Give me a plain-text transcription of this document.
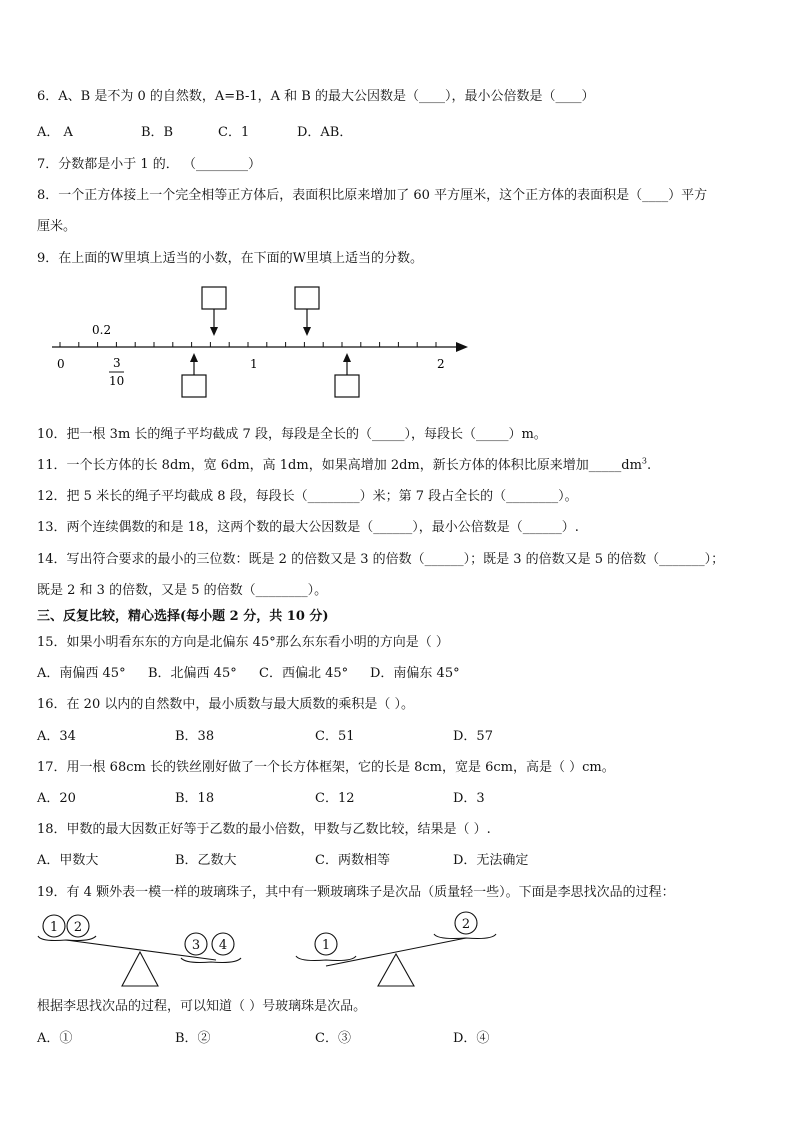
6．A、B 是不为 0 的自然数，A=B-1，A 和 B 的最大公因数是（____），最小公倍数是（____）
A． A	B．B	C．1	D．AB．
7．分数都是小于 1 的． （________）
8．一个正方体接上一个完全相等正方体后，表面积比原来增加了 60 平方厘米，这个正方体的表面积是（____）平方
厘米。
9．在上面的W里填上适当的小数，在下面的W里填上适当的分数。
0.2
0	1	2
3
10
10．把一根 3m 长的绳子平均截成 7 段，每段是全长的（_____），每段长（_____）m。
11．一个长方体的长 8dm，宽 6dm，高 1dm，如果高增加 2dm，新长方体的体积比原来增加$\_\_\_\_\_dm^3$.
12．把 5 米长的绳子平均截成 8 段，每段长（________）米；第 7 段占全长的（________）。
13．两个连续偶数的和是 18，这两个数的最大公因数是（______），最小公倍数是（______）.
14．写出符合要求的最小的三位数：既是 2 的倍数又是 3 的倍数（______）；既是 3 的倍数又是 5 的倍数（_______）；
既是 2 和 3 的倍数，又是 5 的倍数（________）。
三、反复比较，精心选择(每小题 2 分，共 10 分)
15．如果小明看东东的方向是北偏东 45°那么东东看小明的方向是（ ）
A．南偏西 45° B．北偏西 45° C．西偏北 45° D．南偏东 45°
16．在 20 以内的自然数中，最小质数与最大质数的乘积是（ ）。
A．34	B．38	C．51	D．57
17．用一根 68cm 长的铁丝刚好做了一个长方体框架，它的长是 8cm，宽是 6cm，高是（ ）cm。
A．20	B．18	C．12	D．3
18．甲数的最大因数正好等于乙数的最小倍数，甲数与乙数比较，结果是（ ）.
A．甲数大	B．乙数大	C．两数相等	D．无法确定
19．有 4 颗外表一模一样的玻璃珠子，其中有一颗玻璃珠子是次品（质量轻一些）。下面是李思找次品的过程：
1 2
3 4	1
2
根据李思找次品的过程，可以知道（ ）号玻璃珠是次品。
A．①	B．②	C．③	D．④
